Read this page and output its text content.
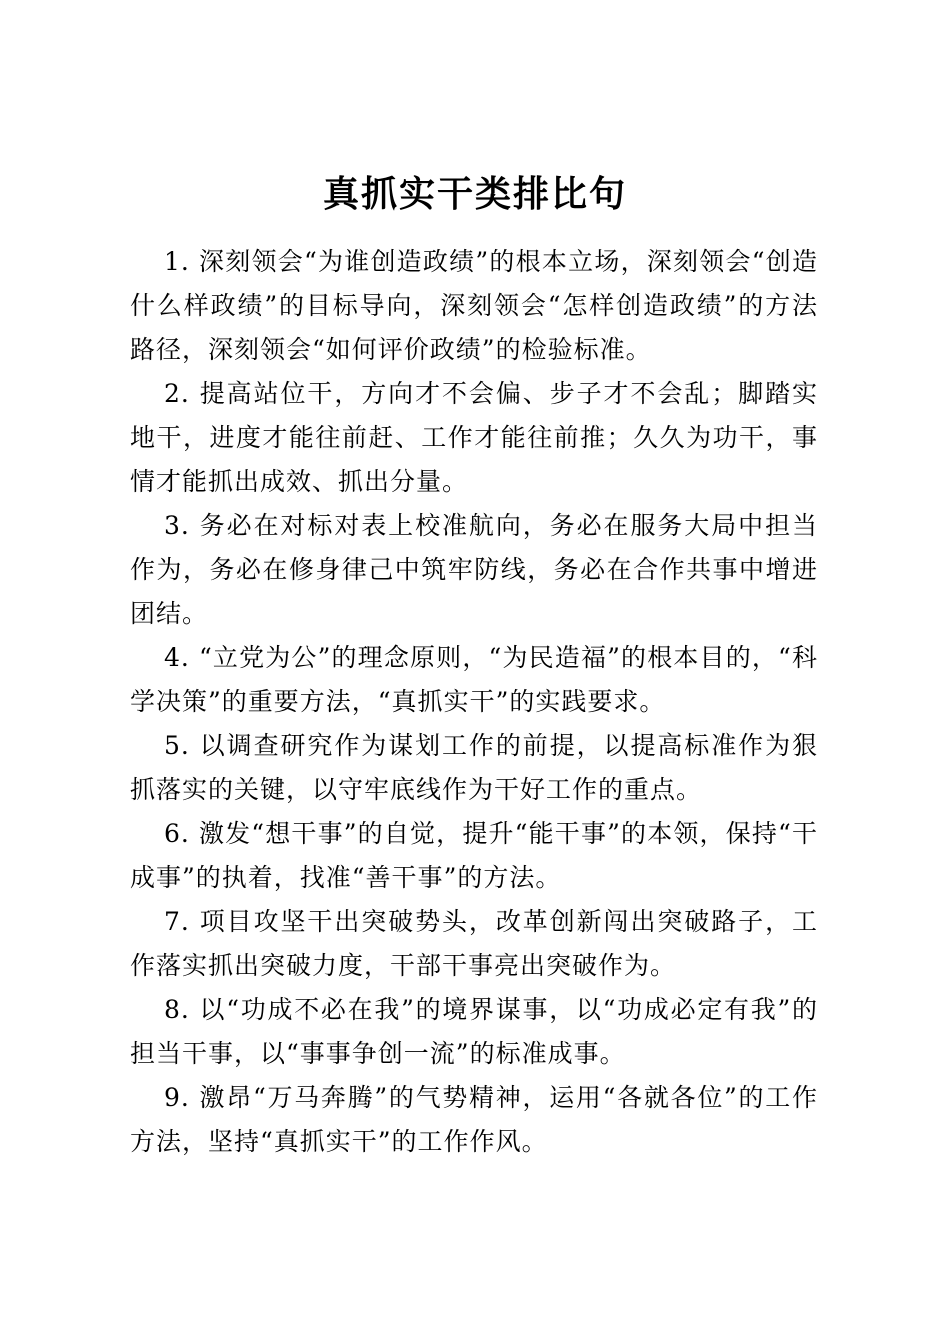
真抓实干类排比句

1. 深刻领会“为谁创造政绩”的根本立场，深刻领会“创造什么样政绩”的目标导向，深刻领会“怎样创造政绩”的方法路径，深刻领会“如何评价政绩”的检验标准。

2. 提高站位干，方向才不会偏、步子才不会乱；脚踏实地干，进度才能往前赶、工作才能往前推；久久为功干，事情才能抓出成效、抓出分量。

3. 务必在对标对表上校准航向，务必在服务大局中担当作为，务必在修身律己中筑牢防线，务必在合作共事中增进团结。

4. “立党为公”的理念原则，“为民造福”的根本目的，“科学决策”的重要方法，“真抓实干”的实践要求。

5. 以调查研究作为谋划工作的前提，以提高标准作为狠抓落实的关键，以守牢底线作为干好工作的重点。

6. 激发“想干事”的自觉，提升“能干事”的本领，保持“干成事”的执着，找准“善干事”的方法。

7. 项目攻坚干出突破势头，改革创新闯出突破路子，工作落实抓出突破力度，干部干事亮出突破作为。

8. 以“功成不必在我”的境界谋事，以“功成必定有我”的担当干事，以“事事争创一流”的标准成事。

9. 激昂“万马奔腾”的气势精神，运用“各就各位”的工作方法，坚持“真抓实干”的工作作风。
